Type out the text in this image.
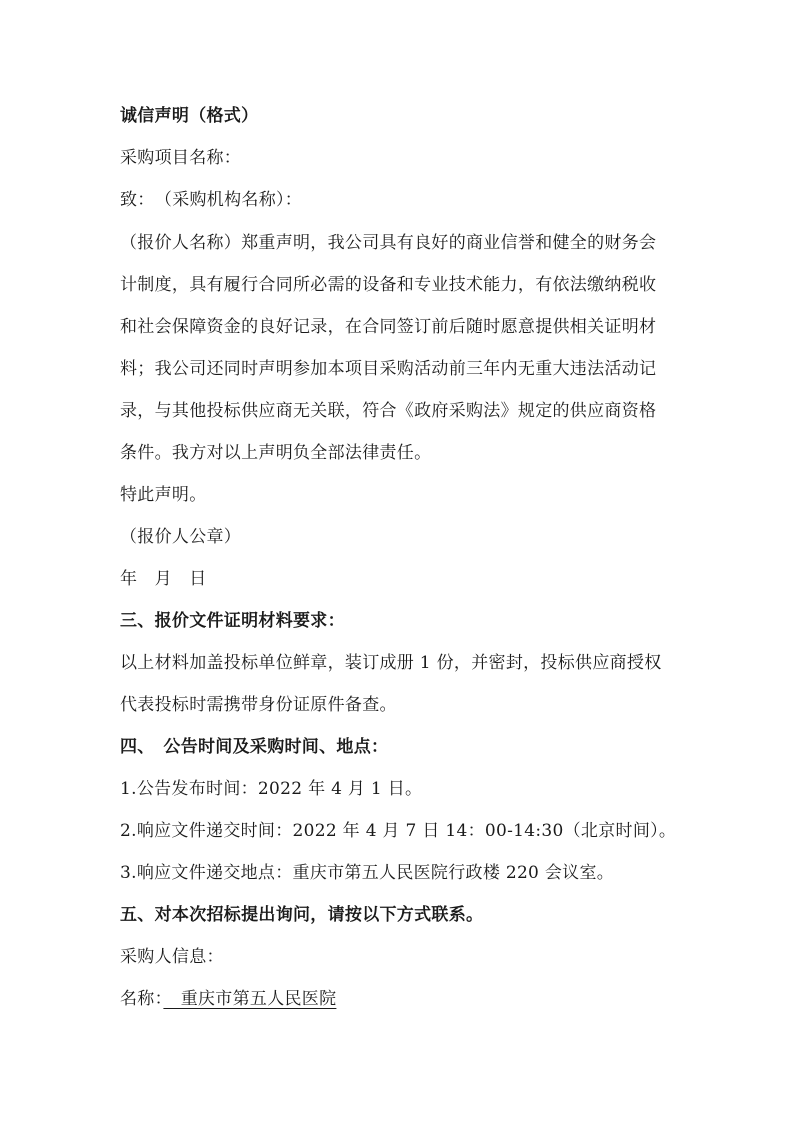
诚信声明（格式）
采购项目名称：
致：　（采购机构名称）：
（报价人名称）郑重声明，我公司具有良好的商业信誉和健全的财务会
计制度，具有履行合同所必需的设备和专业技术能力，有依法缴纳税收
和社会保障资金的良好记录，在合同签订前后随时愿意提供相关证明材
料；我公司还同时声明参加本项目采购活动前三年内无重大违法活动记
录，与其他投标供应商无关联，符合《政府采购法》规定的供应商资格
条件。我方对以上声明负全部法律责任。
特此声明。
（报价人公章）
年　月　日
三、报价文件证明材料要求：
以上材料加盖投标单位鲜章，装订成册 1 份，并密封，投标供应商授权
代表投标时需携带身份证原件备查。
四、　公告时间及采购时间、地点：
1.公告发布时间：2022 年 4 月 1 日。
2.响应文件递交时间：2022 年 4 月 7 日 14：00-14:30（北京时间）。
3.响应文件递交地点：重庆市第五人民医院行政楼 220 会议室。
五、对本次招标提出询问，请按以下方式联系。
采购人信息：
名称：　重庆市第五人民医院
